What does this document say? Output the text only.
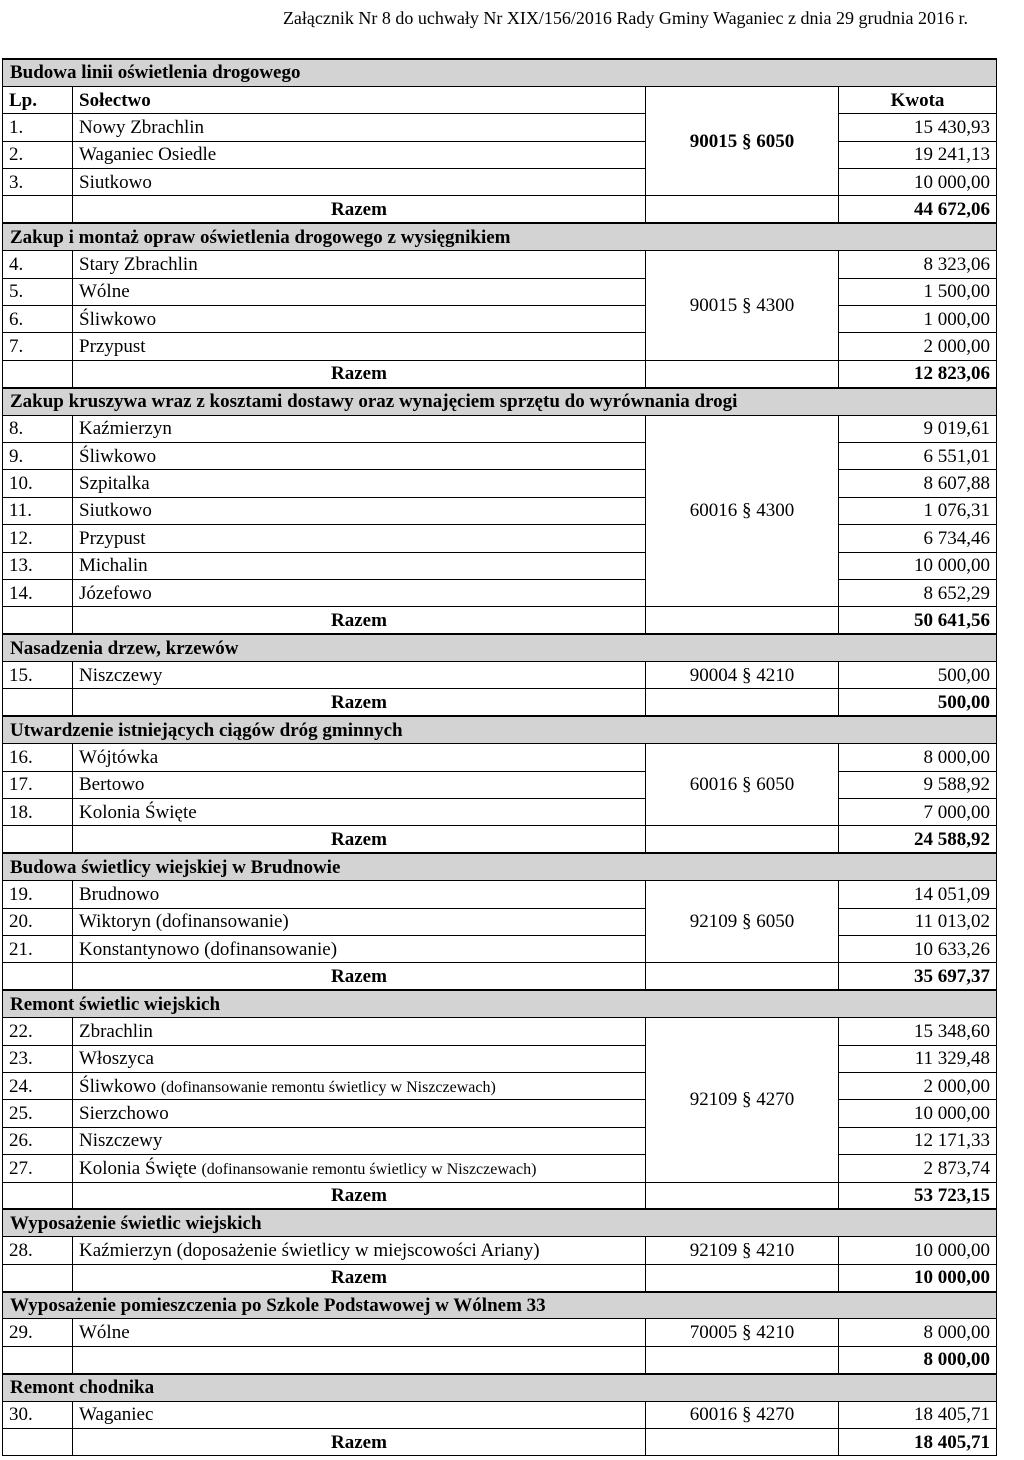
Załącznik Nr 8 do uchwały Nr XIX/156/2016 Rady Gminy Waganiec z dnia 29 grudnia 2016 r.
Budowa linii oświetlenia drogowego			
Lp.	Sołectwo	90015 § 6050	Kwota
1.	Nowy Zbrachlin		15 430,93
2.	Waganiec Osiedle		19 241,13
3.	Siutkowo		10 000,00
	Razem		44 672,06
Zakup i montaż opraw oświetlenia drogowego z wysięgnikiem			
4.	Stary Zbrachlin	90015 § 4300	8 323,06
5.	Wólne		1 500,00
6.	Śliwkowo		1 000,00
7.	Przypust		2 000,00
	Razem		12 823,06
Zakup kruszywa wraz z kosztami dostawy oraz wynajęciem sprzętu do wyrównania drogi			
8.	Kaźmierzyn	60016 § 4300	9 019,61
9.	Śliwkowo		6 551,01
10.	Szpitalka		8 607,88
11.	Siutkowo		1 076,31
12.	Przypust		6 734,46
13.	Michalin		10 000,00
14.	Józefowo		8 652,29
	Razem		50 641,56
Nasadzenia drzew, krzewów			
15.	Niszczewy	90004 § 4210	500,00
	Razem		500,00
Utwardzenie istniejących ciągów dróg gminnych			
16.	Wójtówka	60016 § 6050	8 000,00
17.	Bertowo		9 588,92
18.	Kolonia Święte		7 000,00
	Razem		24 588,92
Budowa świetlicy wiejskiej w Brudnowie			
19.	Brudnowo	92109 § 6050	14 051,09
20.	Wiktoryn (dofinansowanie)		11 013,02
21.	Konstantynowo (dofinansowanie)		10 633,26
	Razem		35 697,37
Remont świetlic wiejskich			
22.	Zbrachlin	92109 § 4270	15 348,60
23.	Włoszyca		11 329,48
24.	Śliwkowo (dofinansowanie remontu świetlicy w Niszczewach)		2 000,00
25.	Sierzchowo		10 000,00
26.	Niszczewy		12 171,33
27.	Kolonia Święte (dofinansowanie remontu świetlicy w Niszczewach)		2 873,74
	Razem		53 723,15
Wyposażenie świetlic wiejskich			
28.	Kaźmierzyn (doposażenie świetlicy w miejscowości Ariany)	92109 § 4210	10 000,00
	Razem		10 000,00
Wyposażenie pomieszczenia po Szkole Podstawowej w Wólnem 33			
29.	Wólne	70005 § 4210	8 000,00
			8 000,00
Remont chodnika			
30.	Waganiec	60016 § 4270	18 405,71
	Razem		18 405,71
